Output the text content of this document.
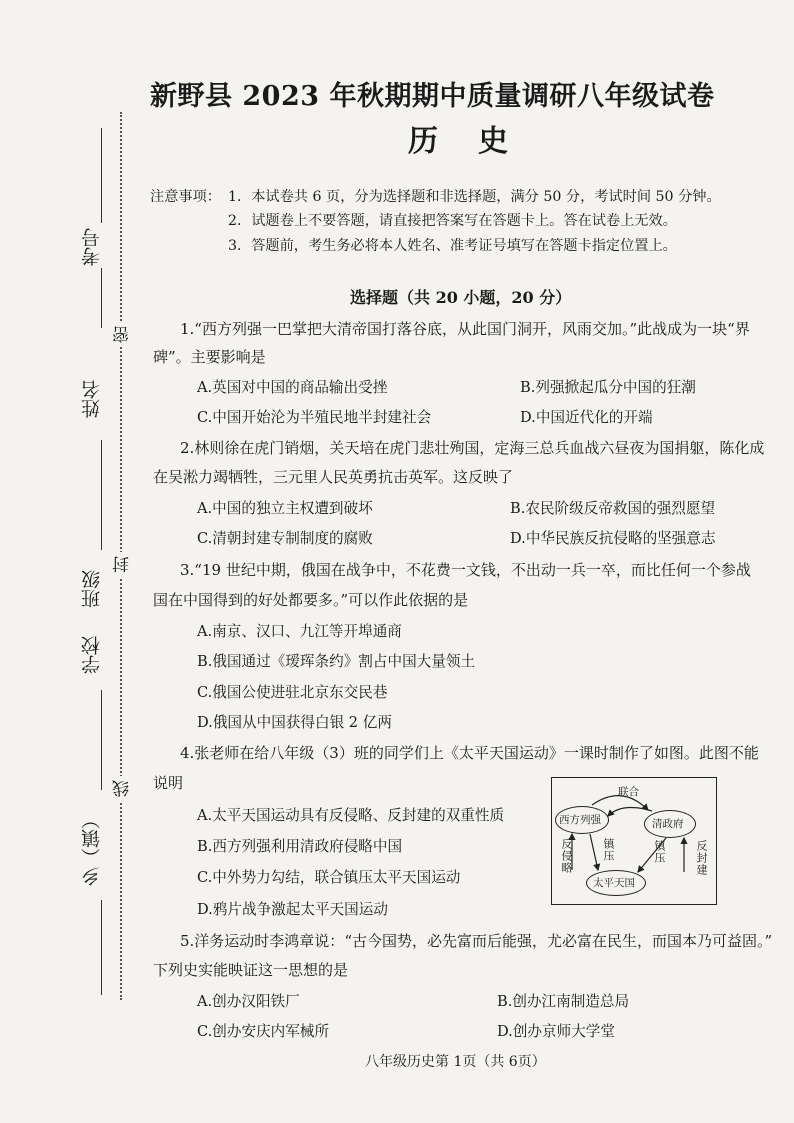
考号
姓名
班级
学校
乡（镇）
密
封
线
新野县 2023 年秋期期中质量调研八年级试卷
历史
注意事项： 1．本试卷共 6 页，分为选择题和非选择题，满分 50 分，考试时间 50 分钟。
2．试题卷上不要答题，请直接把答案写在答题卡上。答在试卷上无效。
3．答题前，考生务必将本人姓名、准考证号填写在答题卡指定位置上。
选择题（共 20 小题，20 分）
1.“西方列强一巴掌把大清帝国打落谷底，从此国门洞开，风雨交加。”此战成为一块“界
碑”。主要影响是
A.英国对中国的商品输出受挫	B.列强掀起瓜分中国的狂潮
C.中国开始沦为半殖民地半封建社会	D.中国近代化的开端
2.林则徐在虎门销烟，关天培在虎门悲壮殉国，定海三总兵血战六昼夜为国捐躯，陈化成
在吴淞力竭牺牲，三元里人民英勇抗击英军。这反映了
A.中国的独立主权遭到破坏	B.农民阶级反帝救国的强烈愿望
C.清朝封建专制制度的腐败	D.中华民族反抗侵略的坚强意志
3.“19 世纪中期，俄国在战争中，不花费一文钱，不出动一兵一卒，而比任何一个参战
国在中国得到的好处都要多。”可以作此依据的是
A.南京、汉口、九江等开埠通商
B.俄国通过《瑷珲条约》割占中国大量领土
C.俄国公使进驻北京东交民巷
D.俄国从中国获得白银 2 亿两
4.张老师在给八年级（3）班的同学们上《太平天国运动》一课时制作了如图。此图不能
说明
A.太平天国运动具有反侵略、反封建的双重性质
B.西方列强利用清政府侵略中国
C.中外势力勾结，联合镇压太平天国运动
D.鸦片战争激起太平天国运动
联合
西方列强	清政府
太平天国
反侵略	镇压	镇压	反封建
5.洋务运动时李鸿章说：“古今国势，必先富而后能强，尤必富在民生，而国本乃可益固。”
下列史实能映证这一思想的是
A.创办汉阳铁厂	B.创办江南制造总局
C.创办安庆内军械所	D.创办京师大学堂
八年级历史第 1页（共 6页）
